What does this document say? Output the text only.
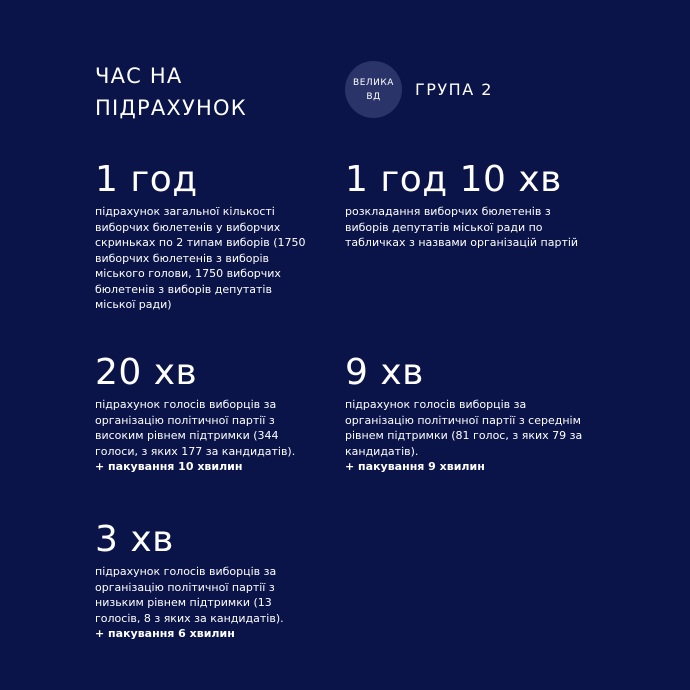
ЧАС НА
ПІДРАХУНОК
ВЕЛИКА
ВД ГРУПА 2

1 год

підрахунок загальної кількості виборчих бюлетенів у виборчих скриньках по 2 типам виборів (1750 виборчих бюлетенів з виборів міського голови, 1750 виборчих бюлетенів з виборів депутатів міської ради)

1 год 10 хв

розкладання виборчих бюлетенів з виборів депутатів міської ради по табличках з назвами організацій партій

20 хв

підрахунок голосів виборців за організацію політичної партії з високим рівнем підтримки (344 голоси, з яких 177 за кандидатів).

+ пакування 10 хвилин

9 хв

підрахунок голосів виборців за організацію політичної партії з середнім рівнем підтримки (81 голос, з яких 79 за кандидатів).

+ пакування 9 хвилин

3 хв

підрахунок голосів виборців за організацію політичної партії з низьким рівнем підтримки (13 голосів, 8 з яких за кандидатів).

+ пакування 6 хвилин
